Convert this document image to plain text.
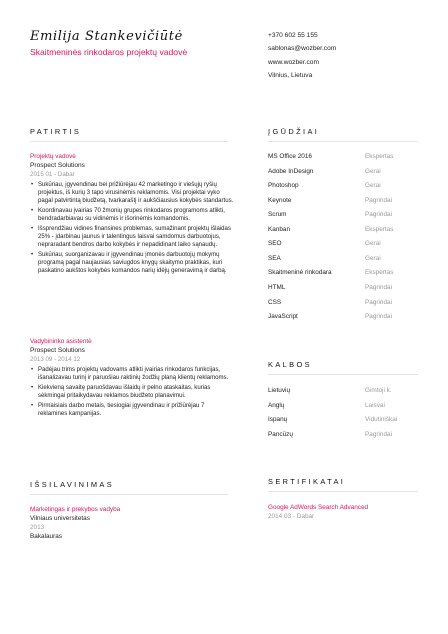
Emilija Stankevičiūtė
Skaitmeninės rinkodaros projektų vadovė
+370 602 55 155
sablonas@wozber.com
www.wozber.com
Vilnius, Lietuva
PATIRTIS
Projektų vadovė
Prospect Solutions
2015 01 - Dabar
• Sukūriau, įgyvendinau bei prižiūrėjau 42 marketingo ir viešųjų ryšių projektus, iš kurių 3 tapo virusinėmis reklamomis. Visi projektai vyko pagal patvirtintą biudžetą, tvarkaraštį ir aukščiausius kokybės standartus.
• Koordinavau įvairias 70 žmonių grupes rinkodaros programoms atlikti, bendradarbiavau su vidinėmis ir išorinėmis komandomis.
• Išsprendžiau vidines finansines problemas, sumažinant projektų išlaidas 25% - įdarbinau jaunus ir talentingus laisvai samdomus darbuotojus, nepraradant bendros darbo kokybės ir nepadidinant laiko sąnaudų.
• Sukūriau, suorganizavau ir įgyvendinau įmonės darbuotojų mokymų programą pagal naujausias saviugdos knygų skaitymo praktikas, kuri paskatino aukštos kokybės komandos narių idėjų generavimą ir darbą.
Vadybininko asistentė
Prospect Solutions
2013 09 - 2014 12
• Padėjau trims projektų vadovams atlikti įvairias rinkodaros funkcijas, išanalizavau turinį ir paruošiau raktinių žodžių planą klientų reklamoms.
• Kiekvieną savaitę paruošdavau išlaidų ir pelno ataskaitas, kurias sėkmingai pritaikydavau reklamos biudžeto planavimui.
• Pirmaisiais darbo metais, tiesiogiai įgyvendinau ir prižiūrėjau 7 reklamines kampanijas.
ĮGŪDŽIAI
MS Office 2016	Ekspertas
Adobe InDesign	Gerai
Photoshop	Gerai
Keynote	Pagrindai
Scrum	Pagrindai
Kanban	Ekspertas
SEO	Gerai
SEA	Gerai
Skaitmeninė rinkodara	Ekspertas
HTML	Pagrindai
CSS	Pagrindai
JavaScript	Pagrindai
KALBOS
Lietuvių	Gimtoji k.
Anglų	Laisvai
Ispanų	Vidutiniškai
Pancūzų	Pagrindai
IŠSILAVINIMAS
Marketingas ir prekybos vadyba
Vilniaus universitetas
2013
Bakalauras
SERTIFIKATAI
Google AdWords Search Advanced
2014 03 - Dabar
